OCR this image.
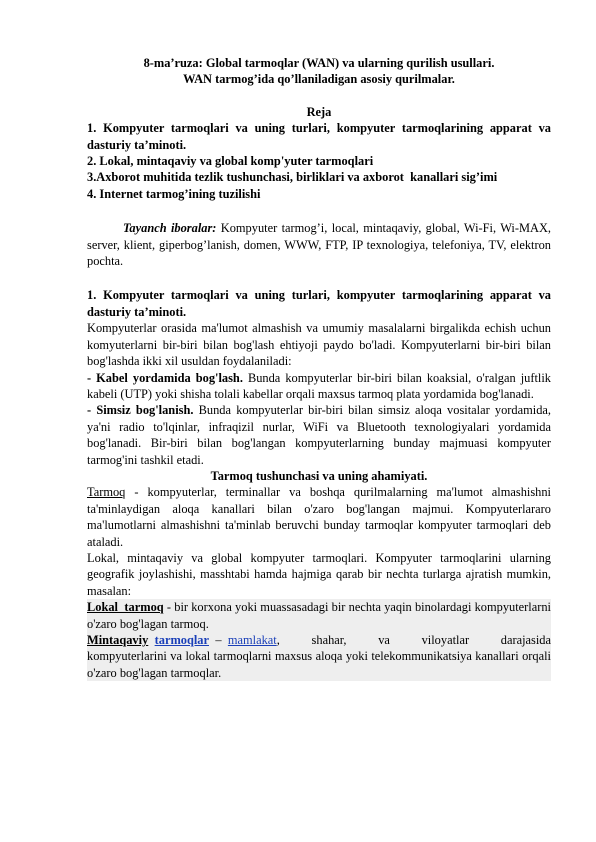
8-ma’ruza: Global tarmoqlar (WAN) va ularning qurilish usullari.

WAN tarmog’ida qo’llaniladigan asosiy qurilmalar.

Reja

1. Kompyuter tarmoqlari va uning turlari, kompyuter tarmoqlarining apparat va dasturiy ta’minoti.

2. Lokal, mintaqaviy va global komp'yuter tarmoqlari

3.Axborot muhitida tezlik tushunchasi, birliklari va axborot  kanallari sig’imi

4. Internet tarmog’ining tuzilishi

Tayanch iboralar: Kompyuter tarmog’i, local, mintaqaviy, global, Wi-Fi, Wi-MAX, server, klient, giperbog’lanish, domen, WWW, FTP, IP texnologiya, telefoniya, TV, elektron pochta.

1. Kompyuter tarmoqlari va uning turlari, kompyuter tarmoqlarining apparat va dasturiy ta’minoti.

Kompyuterlar orasida ma'lumot almashish va umumiy masalalarni birgalikda echish uchun komyuterlarni bir-biri bilan bog'lash ehtiyoji paydo bo'ladi. Kompyuterlarni bir-biri bilan bog'lashda ikki xil usuldan foydalaniladi:

- Kabel yordamida bog'lash. Bunda kompyuterlar bir-biri bilan koaksial, o'ralgan juftlik kabeli (UTP) yoki shisha tolali kabellar orqali maxsus tarmoq plata yordamida bog'lanadi.

- Simsiz bog'lanish. Bunda kompyuterlar bir-biri bilan simsiz aloqa vositalar yordamida, ya'ni radio to'lqinlar, infraqizil nurlar, WiFi va Bluetooth texnologiyalari yordamida bog'lanadi. Bir-biri bilan bog'langan kompyuterlarning bunday majmuasi kompyuter tarmog'ini tashkil etadi.

Tarmoq tushunchasi va uning ahamiyati.

Tarmoq - kompyuterlar, terminallar va boshqa qurilmalarning ma'lumot almashishni ta'minlaydigan aloqa kanallari bilan o'zaro bog'langan majmui. Kompyuterlararo ma'lumotlarni almashishni ta'minlab beruvchi bunday tarmoqlar kompyuter tarmoqlari deb ataladi.

Lokal, mintaqaviy va global kompyuter tarmoqlari. Kompyuter tarmoqlarini ularning geografik joylashishi, masshtabi hamda hajmiga qarab bir nechta turlarga ajratish mumkin, masalan:

Lokal  tarmoq - bir korxona yoki muassasadagi bir nechta yaqin binolardagi kompyuterlarni o'zaro bog'lagan tarmoq.

Mintaqaviy tarmoqlar – mamlakat,     shahar,     va     viloyatlar     darajasida kompyuterlarini va lokal tarmoqlarni maxsus aloqa yoki telekommunikatsiya kanallari orqali o'zaro bog'lagan tarmoqlar.
